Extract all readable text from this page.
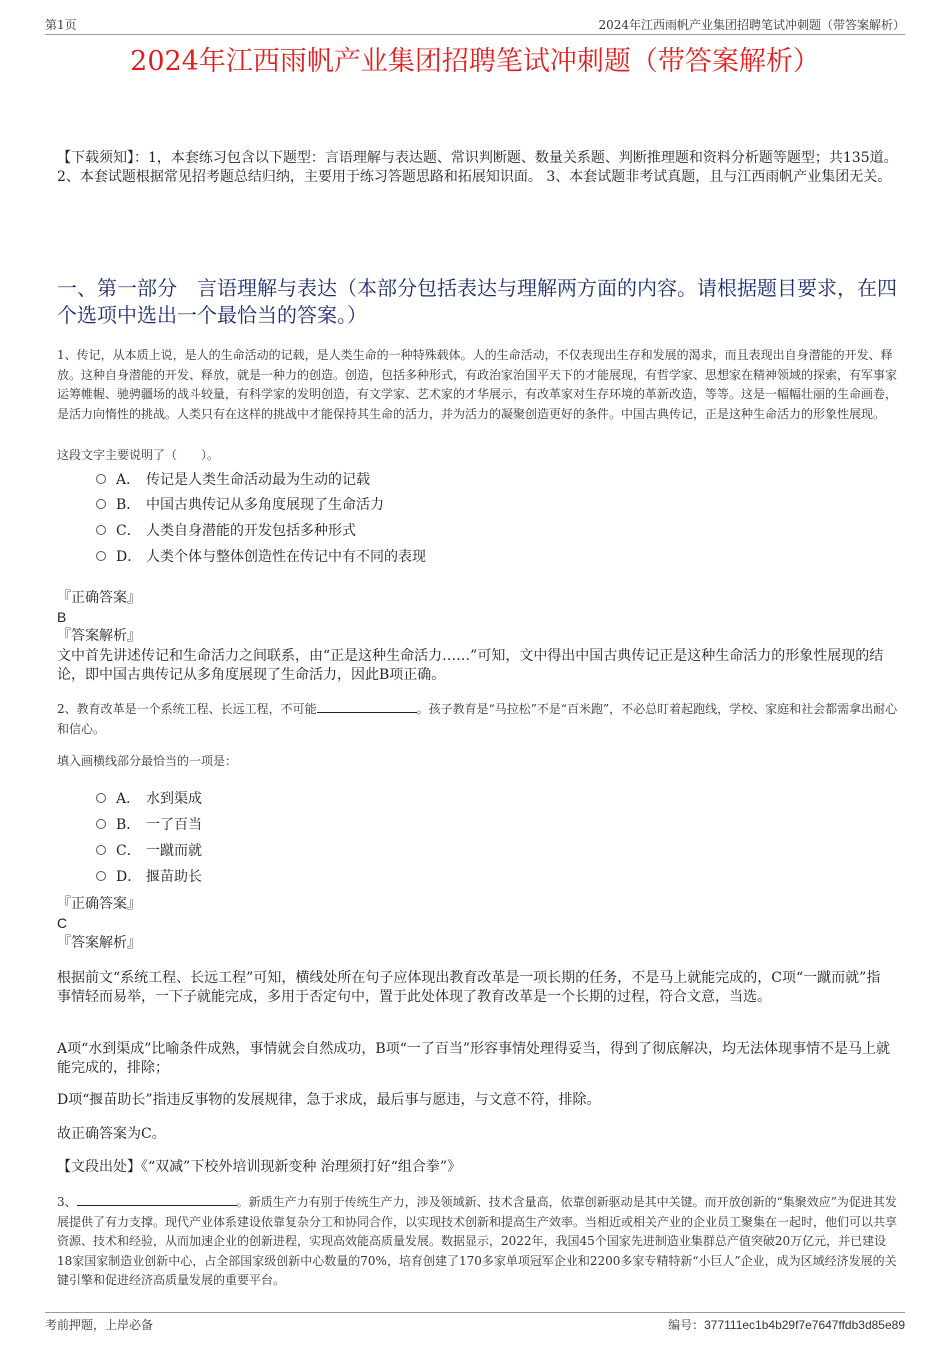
第1页	2024年江西雨帆产业集团招聘笔试冲刺题（带答案解析）
2024年江西雨帆产业集团招聘笔试冲刺题（带答案解析）
【下载须知】：1，本套练习包含以下题型：言语理解与表达题、常识判断题、数量关系题、判断推理题和资料分析题等题型；共135道。 2、本套试题根据常见招考题总结归纳，主要用于练习答题思路和拓展知识面。 3、本套试题非考试真题，且与江西雨帆产业集团无关。
一、第一部分　言语理解与表达（本部分包括表达与理解两方面的内容。请根据题目要求，在四个选项中选出一个最恰当的答案。）
1、传记，从本质上说，是人的生命活动的记载，是人类生命的一种特殊载体。人的生命活动，不仅表现出生存和发展的渴求，而且表现出自身潜能的开发、释放。这种自身潜能的开发、释放，就是一种力的创造。创造，包括多种形式，有政治家治国平天下的才能展现，有哲学家、思想家在精神领域的探索，有军事家运筹帷幄、驰骋疆场的战斗较量，有科学家的发明创造，有文学家、艺术家的才华展示，有改革家对生存环境的革新改造，等等。这是一幅幅壮丽的生命画卷，是活力向惰性的挑战。人类只有在这样的挑战中才能保持其生命的活力，并为活力的凝聚创造更好的条件。中国古典传记，正是这种生命活力的形象性展现。
这段文字主要说明了（　　）。
A． 传记是人类生命活动最为生动的记载
B． 中国古典传记从多角度展现了生命活力
C． 人类自身潜能的开发包括多种形式
D． 人类个体与整体创造性在传记中有不同的表现
『正确答案』
B
『答案解析』
文中首先讲述传记和生命活力之间联系，由“正是这种生命活力……”可知，文中得出中国古典传记正是这种生命活力的形象性展现的结论，即中国古典传记从多角度展现了生命活力，因此B项正确。
2、教育改革是一个系统工程、长远工程，不可能	。孩子教育是“马拉松”不是“百米跑”，不必总盯着起跑线，学校、家庭和社会都需拿出耐心和信心。
填入画横线部分最恰当的一项是：
A． 水到渠成
B． 一了百当
C． 一蹴而就
D． 揠苗助长
『正确答案』
C
『答案解析』
根据前文“系统工程、长远工程”可知，横线处所在句子应体现出教育改革是一项长期的任务，不是马上就能完成的，C项“一蹴而就”指事情轻而易举，一下子就能完成，多用于否定句中，置于此处体现了教育改革是一个长期的过程，符合文意，当选。
A项“水到渠成”比喻条件成熟，事情就会自然成功，B项“一了百当”形容事情处理得妥当，得到了彻底解决，均无法体现事情不是马上就能完成的，排除；
D项“揠苗助长”指违反事物的发展规律，急于求成，最后事与愿违，与文意不符，排除。
故正确答案为C。
【文段出处】《“双减”下校外培训现新变种 治理须打好“组合拳”》
3、	。新质生产力有别于传统生产力，涉及领域新、技术含量高，依靠创新驱动是其中关键。而开放创新的“集聚效应”为促进其发展提供了有力支撑。现代产业体系建设依靠复杂分工和协同合作，以实现技术创新和提高生产效率。当相近或相关产业的企业员工聚集在一起时，他们可以共享资源、技术和经验，从而加速企业的创新进程，实现高效能高质量发展。数据显示，2022年，我国45个国家先进制造业集群总产值突破20万亿元，并已建设18家国家制造业创新中心，占全部国家级创新中心数量的70%，培育创建了170多家单项冠军企业和2200多家专精特新“小巨人”企业，成为区域经济发展的关键引擎和促进经济高质量发展的重要平台。
考前押题，上岸必备	编号：377111ec1b4b29f7e7647ffdb3d85e89
